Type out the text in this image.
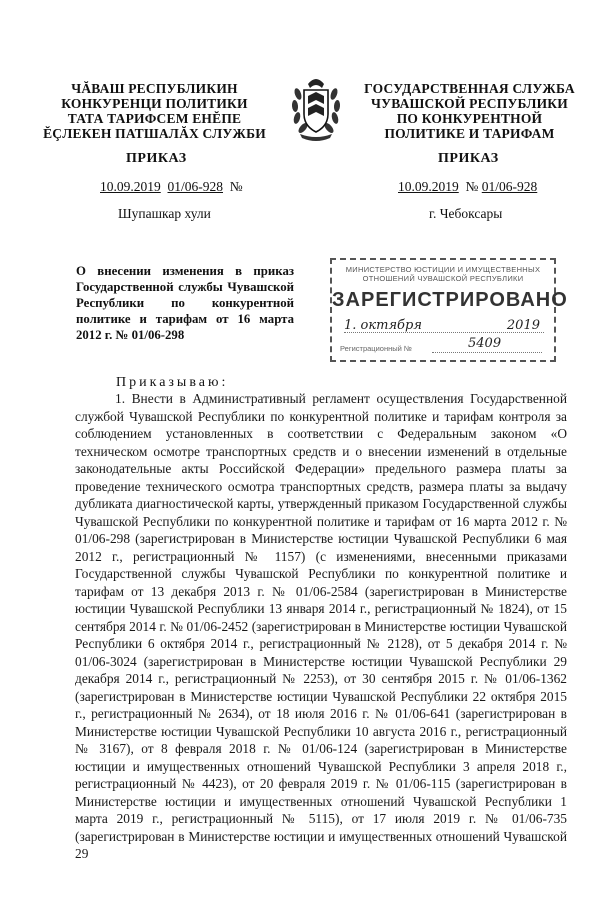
ЧĂВАШ РЕСПУБЛИКИН
КОНКУРЕНЦИ ПОЛИТИКИ
ТАТА ТАРИФСЕМ ЕНĔПЕ
ĔÇЛЕКЕН ПАТШАЛĂХ СЛУЖБИ
ГОСУДАРСТВЕННАЯ СЛУЖБА
ЧУВАШСКОЙ РЕСПУБЛИКИ
ПО КОНКУРЕНТНОЙ
ПОЛИТИКЕ И ТАРИФАМ
ПРИКАЗ	ПРИКАЗ
10.09.2019 01/06-928 №	10.09.2019 № 01/06-928
Шупашкар хули	г. Чебоксары
О внесении изменения в приказ Государственной службы Чувашской Республики по конкурентной политике и тарифам от 16 марта 2012 г. № 01/06-298
МИНИСТЕРСТВО ЮСТИЦИИ И ИМУЩЕСТВЕННЫХ
ОТНОШЕНИЙ ЧУВАШСКОЙ РЕСПУБЛИКИ
ЗАРЕГИСТРИРОВАНО
1. октября	2019
Регистрационный №	5409
Приказываю:

1. Внести в Административный регламент осуществления Государственной службой Чувашской Республики по конкурентной политике и тарифам контроля за соблюдением установленных в соответствии с Федеральным законом «О техническом осмотре транспортных средств и о внесении изменений в отдельные законодательные акты Российской Федерации» предельного размера платы за проведение технического осмотра транспортных средств, размера платы за выдачу дубликата диагностической карты, утвержденный приказом Государственной службы Чувашской Республики по конкурентной политике и тарифам от 16 марта 2012 г. № 01/06-298 (зарегистрирован в Министерстве юстиции Чувашской Республики 6 мая 2012 г., регистрационный № 1157) (с изменениями, внесенными приказами Государственной службы Чувашской Республики по конкурентной политике и тарифам от 13 декабря 2013 г. № 01/06-2584 (зарегистрирован в Министерстве юстиции Чувашской Республики 13 января 2014 г., регистрационный № 1824), от 15 сентября 2014 г. № 01/06-2452 (зарегистрирован в Министерстве юстиции Чувашской Республики 6 октября 2014 г., регистрационный № 2128), от 5 декабря 2014 г. № 01/06-3024 (зарегистрирован в Министерстве юстиции Чувашской Республики 29 декабря 2014 г., регистрационный № 2253), от 30 сентября 2015 г. № 01/06-1362 (зарегистрирован в Министерстве юстиции Чувашской Республики 22 октября 2015 г., регистрационный № 2634), от 18 июля 2016 г. № 01/06-641 (зарегистрирован в Министерстве юстиции Чувашской Республики 10 августа 2016 г., регистрационный № 3167), от 8 февраля 2018 г. № 01/06-124 (зарегистрирован в Министерстве юстиции и имущественных отношений Чувашской Республики 3 апреля 2018 г., регистрационный № 4423), от 20 февраля 2019 г. № 01/06-115 (зарегистрирован в Министерстве юстиции и имущественных отношений Чувашской Республики 1 марта 2019 г., регистрационный № 5115), от 17 июля 2019 г. № 01/06-735 (зарегистрирован в Министерстве юстиции и имущественных отношений Чувашской 29
